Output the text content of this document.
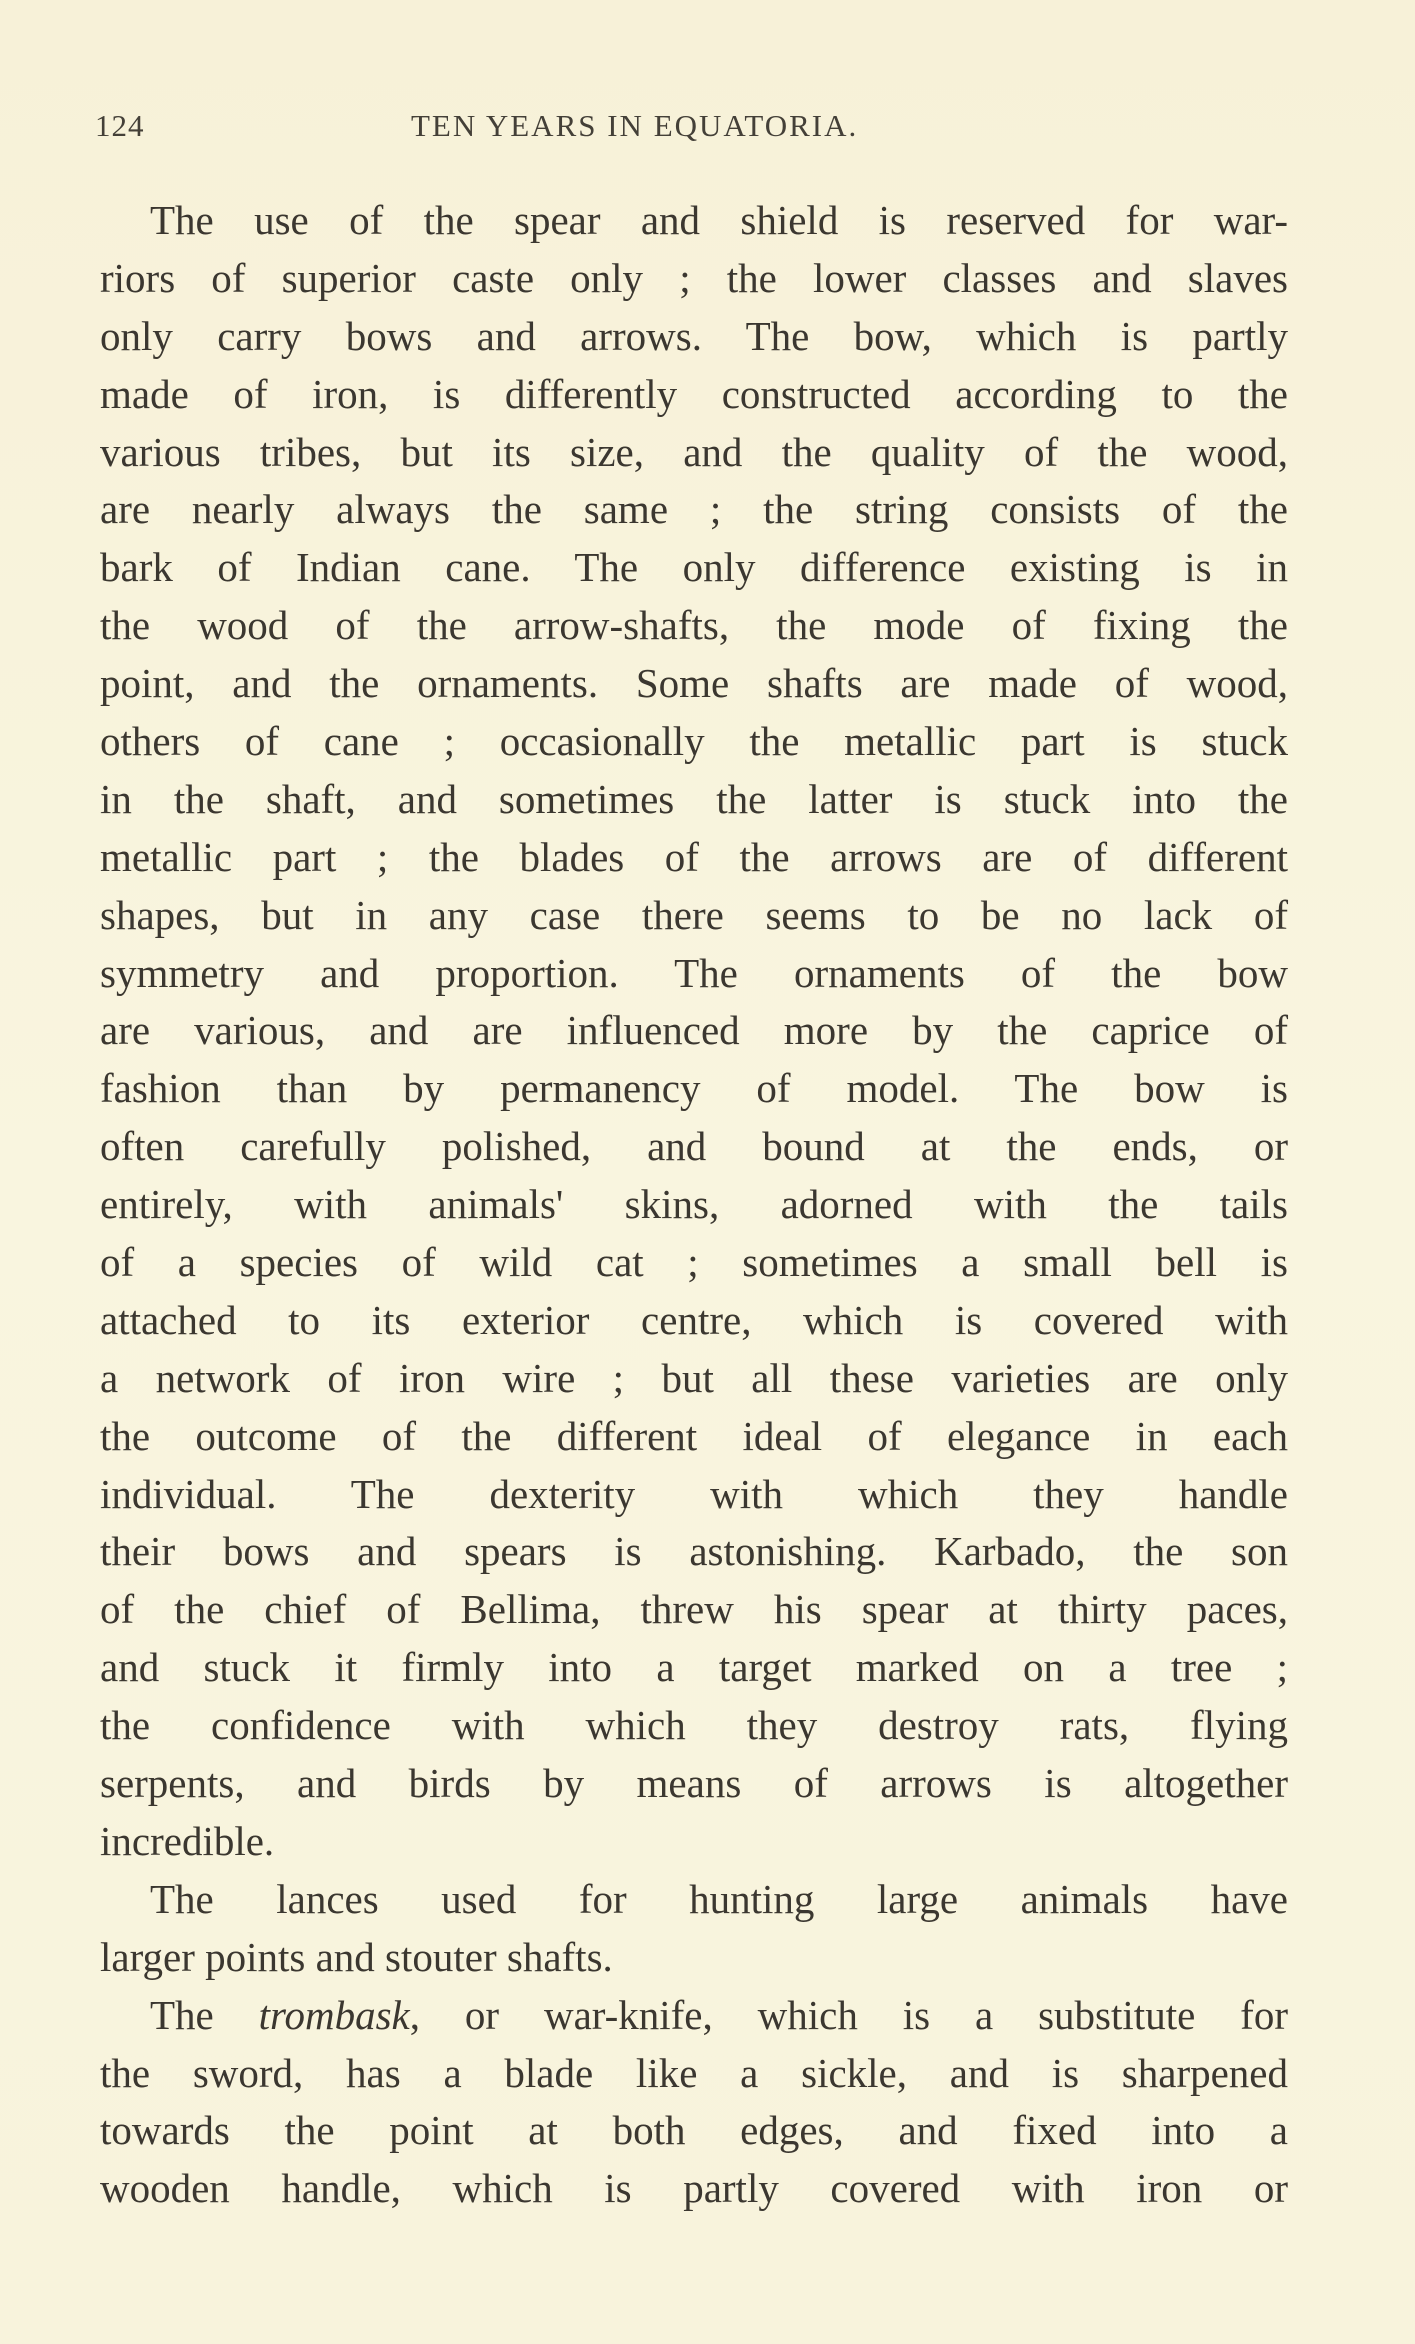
124	TEN YEARS IN EQUATORIA.
The use of the spear and shield is reserved for war-
riors of superior caste only ; the lower classes and slaves
only carry bows and arrows. The bow, which is partly
made of iron, is differently constructed according to the
various tribes, but its size, and the quality of the wood,
are nearly always the same ; the string consists of the
bark of Indian cane. The only difference existing is in
the wood of the arrow-shafts, the mode of fixing the
point, and the ornaments. Some shafts are made of wood,
others of cane ; occasionally the metallic part is stuck
in the shaft, and sometimes the latter is stuck into the
metallic part ; the blades of the arrows are of different
shapes, but in any case there seems to be no lack of
symmetry and proportion. The ornaments of the bow
are various, and are influenced more by the caprice of
fashion than by permanency of model. The bow is
often carefully polished, and bound at the ends, or
entirely, with animals' skins, adorned with the tails
of a species of wild cat ; sometimes a small bell is
attached to its exterior centre, which is covered with
a network of iron wire ; but all these varieties are only
the outcome of the different ideal of elegance in each
individual. The dexterity with which they handle
their bows and spears is astonishing. Karbado, the son
of the chief of Bellima, threw his spear at thirty paces,
and stuck it firmly into a target marked on a tree ;
the confidence with which they destroy rats, flying
serpents, and birds by means of arrows is altogether
incredible.
The lances used for hunting large animals have
larger points and stouter shafts.
The trombask, or war-knife, which is a substitute for
the sword, has a blade like a sickle, and is sharpened
towards the point at both edges, and fixed into a
wooden handle, which is partly covered with iron or
